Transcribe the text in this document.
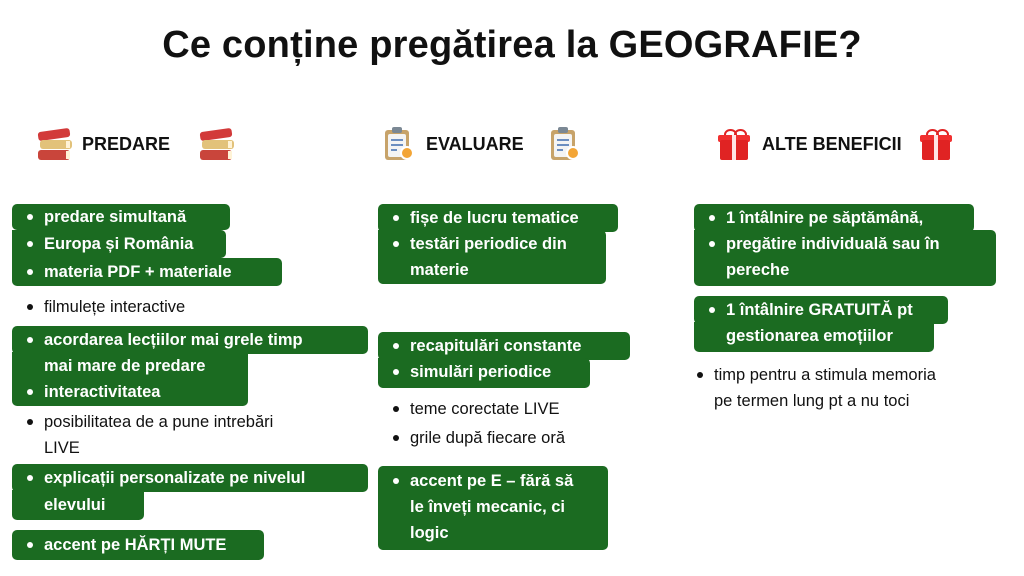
Ce conține pregătirea la GEOGRAFIE?
PREDARE	EVALUARE	ALTE BENEFICII
predare simultană
Europa și România
materia PDF + materiale
filmulețe interactive
acordarea lecțiilor mai grele timp
mai mare de predare
interactivitatea
posibilitatea de a pune intrebări
LIVE
explicații personalizate pe nivelul
elevului
accent pe HĂRȚI MUTE
fișe de lucru tematice
testări periodice din
materie
recapitulări constante
simulări periodice
teme corectate LIVE
grile după fiecare oră
accent pe E – fără să
le înveți mecanic, ci
logic
1 întâlnire pe săptămână,
pregătire individuală sau în
pereche
1 întâlnire GRATUITĂ pt
gestionarea emoțiilor
timp pentru a stimula memoria
pe termen lung pt a nu toci
